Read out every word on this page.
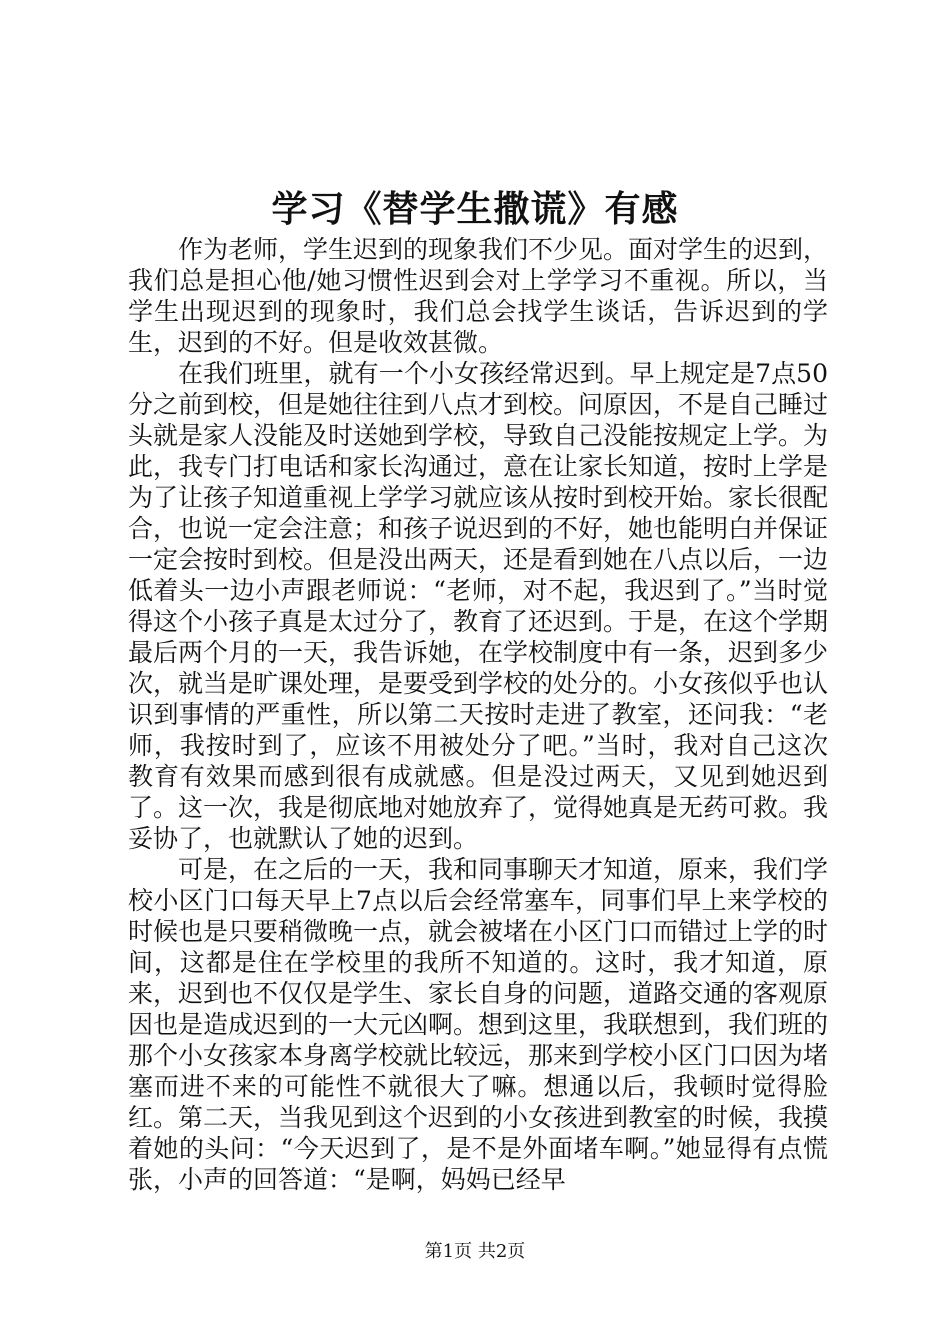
学习《替学生撒谎》有感

作为老师，学生迟到的现象我们不少见。面对学生的迟到，我们总是担心他/她习惯性迟到会对上学学习不重视。所以，当学生出现迟到的现象时，我们总会找学生谈话，告诉迟到的学生，迟到的不好。但是收效甚微。

在我们班里，就有一个小女孩经常迟到。早上规定是7点50分之前到校，但是她往往到八点才到校。问原因，不是自己睡过头就是家人没能及时送她到学校，导致自己没能按规定上学。为此，我专门打电话和家长沟通过，意在让家长知道，按时上学是为了让孩子知道重视上学学习就应该从按时到校开始。家长很配合，也说一定会注意；和孩子说迟到的不好，她也能明白并保证一定会按时到校。但是没出两天，还是看到她在八点以后，一边低着头一边小声跟老师说：“老师，对不起，我迟到了。”当时觉得这个小孩子真是太过分了，教育了还迟到。于是，在这个学期最后两个月的一天，我告诉她，在学校制度中有一条，迟到多少次，就当是旷课处理，是要受到学校的处分的。小女孩似乎也认识到事情的严重性，所以第二天按时走进了教室，还问我：“老师，我按时到了，应该不用被处分了吧。”当时，我对自己这次教育有效果而感到很有成就感。但是没过两天，又见到她迟到了。这一次，我是彻底地对她放弃了，觉得她真是无药可救。我妥协了，也就默认了她的迟到。

可是，在之后的一天，我和同事聊天才知道，原来，我们学校小区门口每天早上7点以后会经常塞车，同事们早上来学校的时候也是只要稍微晚一点，就会被堵在小区门口而错过上学的时间，这都是住在学校里的我所不知道的。这时，我才知道，原来，迟到也不仅仅是学生、家长自身的问题，道路交通的客观原因也是造成迟到的一大元凶啊。想到这里，我联想到，我们班的那个小女孩家本身离学校就比较远，那来到学校小区门口因为堵塞而进不来的可能性不就很大了嘛。想通以后，我顿时觉得脸红。第二天，当我见到这个迟到的小女孩进到教室的时候，我摸着她的头问：“今天迟到了，是不是外面堵车啊。”她显得有点慌张，小声的回答道：“是啊，妈妈已经早

第1页 共2页
